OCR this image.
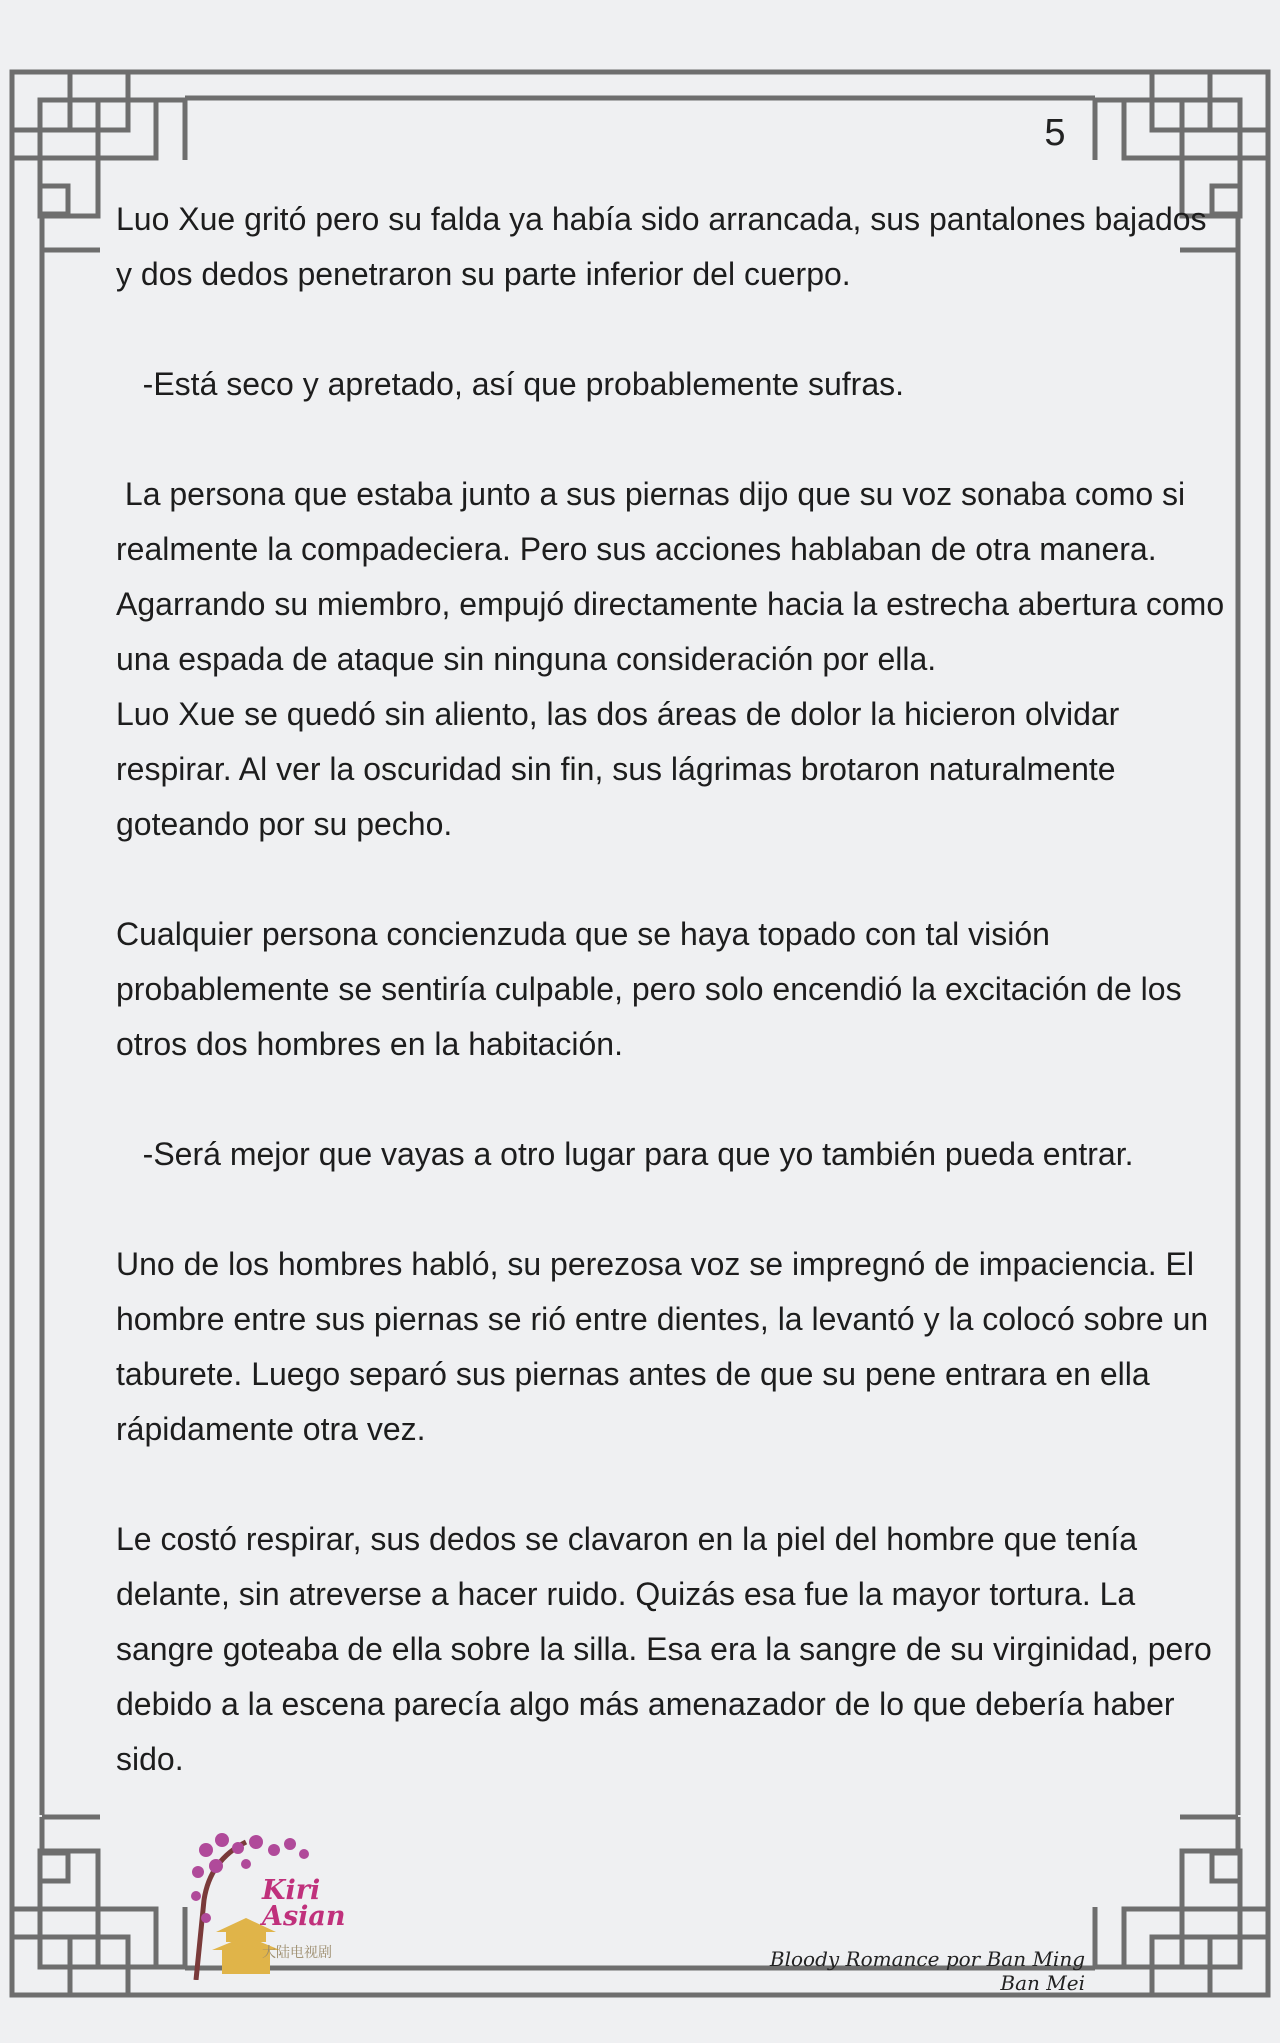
5

Luo Xue gritó pero su falda ya había sido arrancada, sus pantalones bajados y dos dedos penetraron su parte inferior del cuerpo.

-Está seco y apretado, así que probablemente sufras.

La persona que estaba junto a sus piernas dijo que su voz sonaba como si realmente la compadeciera. Pero sus acciones hablaban de otra manera.

Agarrando su miembro, empujó directamente hacia la estrecha abertura como una espada de ataque sin ninguna consideración por ella.

Luo Xue se quedó sin aliento, las dos áreas de dolor la hicieron olvidar respirar. Al ver la oscuridad sin fin, sus lágrimas brotaron naturalmente goteando por su pecho.

Cualquier persona concienzuda que se haya topado con tal visión probablemente se sentiría culpable, pero solo encendió la excitación de los otros dos hombres en la habitación.

-Será mejor que vayas a otro lugar para que yo también pueda entrar.

Uno de los hombres habló, su perezosa voz se impregnó de impaciencia. El hombre entre sus piernas se rió entre dientes, la levantó y la colocó sobre un taburete. Luego separó sus piernas antes de que su pene entrara en ella rápidamente otra vez.

Le costó respirar, sus dedos se clavaron en la piel del hombre que tenía delante, sin atreverse a hacer ruido. Quizás esa fue la mayor tortura. La sangre goteaba de ella sobre la silla. Esa era la sangre de su virginidad, pero debido a la escena parecía algo más amenazador de lo que debería haber sido.

Kiri
Asian
大陆电视剧	Bloody Romance por Ban Ming Ban Mei
